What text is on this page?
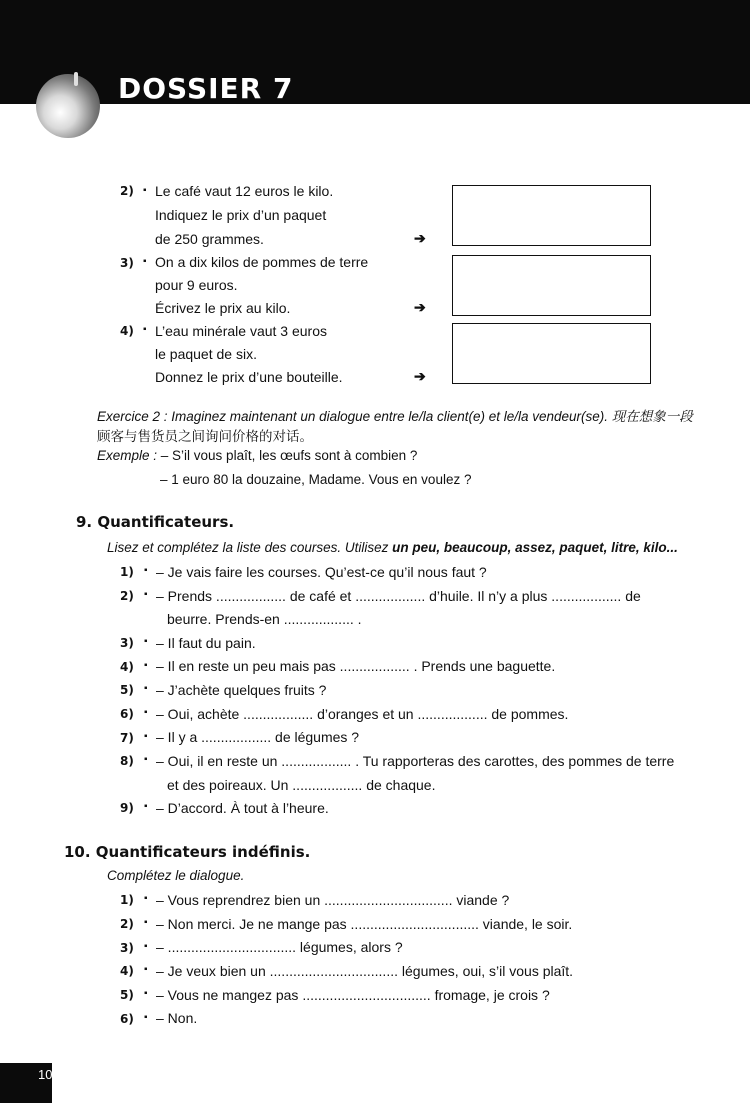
DOSSIER 7
2) ▪ Le café vaut 12 euros le kilo.
Indiquez le prix d’un paquet
de 250 grammes.	➔
3) ▪ On a dix kilos de pommes de terre
pour 9 euros.
Écrivez le prix au kilo.	➔
4) ▪ L’eau minérale vaut 3 euros
le paquet de six.
Donnez le prix d’une bouteille.	➔
Exercice 2 : Imaginez maintenant un dialogue entre le/la client(e) et le/la vendeur(se). 现在想象一段
顾客与售货员之间询问价格的对话。
Exemple : – S’il vous plaît, les œufs sont à combien ?
– 1 euro 80 la douzaine, Madame. Vous en voulez ?
9. Quantificateurs.
Lisez et complétez la liste des courses. Utilisez un peu, beaucoup, assez, paquet, litre, kilo...
1) ▪ – Je vais faire les courses. Qu’est-ce qu’il nous faut ?
2) ▪ – Prends .................. de café et .................. d’huile. Il n’y a plus .................. de
beurre. Prends-en .................. .
3) ▪ – Il faut du pain.
4) ▪ – Il en reste un peu mais pas .................. . Prends une baguette.
5) ▪ – J’achète quelques fruits ?
6) ▪ – Oui, achète .................. d’oranges et un .................. de pommes.
7) ▪ – Il y a .................. de légumes ?
8) ▪ – Oui, il en reste un .................. . Tu rapporteras des carottes, des pommes de terre
et des poireaux. Un .................. de chaque.
9) ▪ – D’accord. À tout à l’heure.
10. Quantificateurs indéfinis.
Complétez le dialogue.
1) ▪ – Vous reprendrez bien un ................................. viande ?
2) ▪ – Non merci. Je ne mange pas ................................. viande, le soir.
3) ▪ – ................................. légumes, alors ?
4) ▪ – Je veux bien un ................................. légumes, oui, s’il vous plaît.
5) ▪ – Vous ne mangez pas ................................. fromage, je crois ?
6) ▪ – Non.
10
